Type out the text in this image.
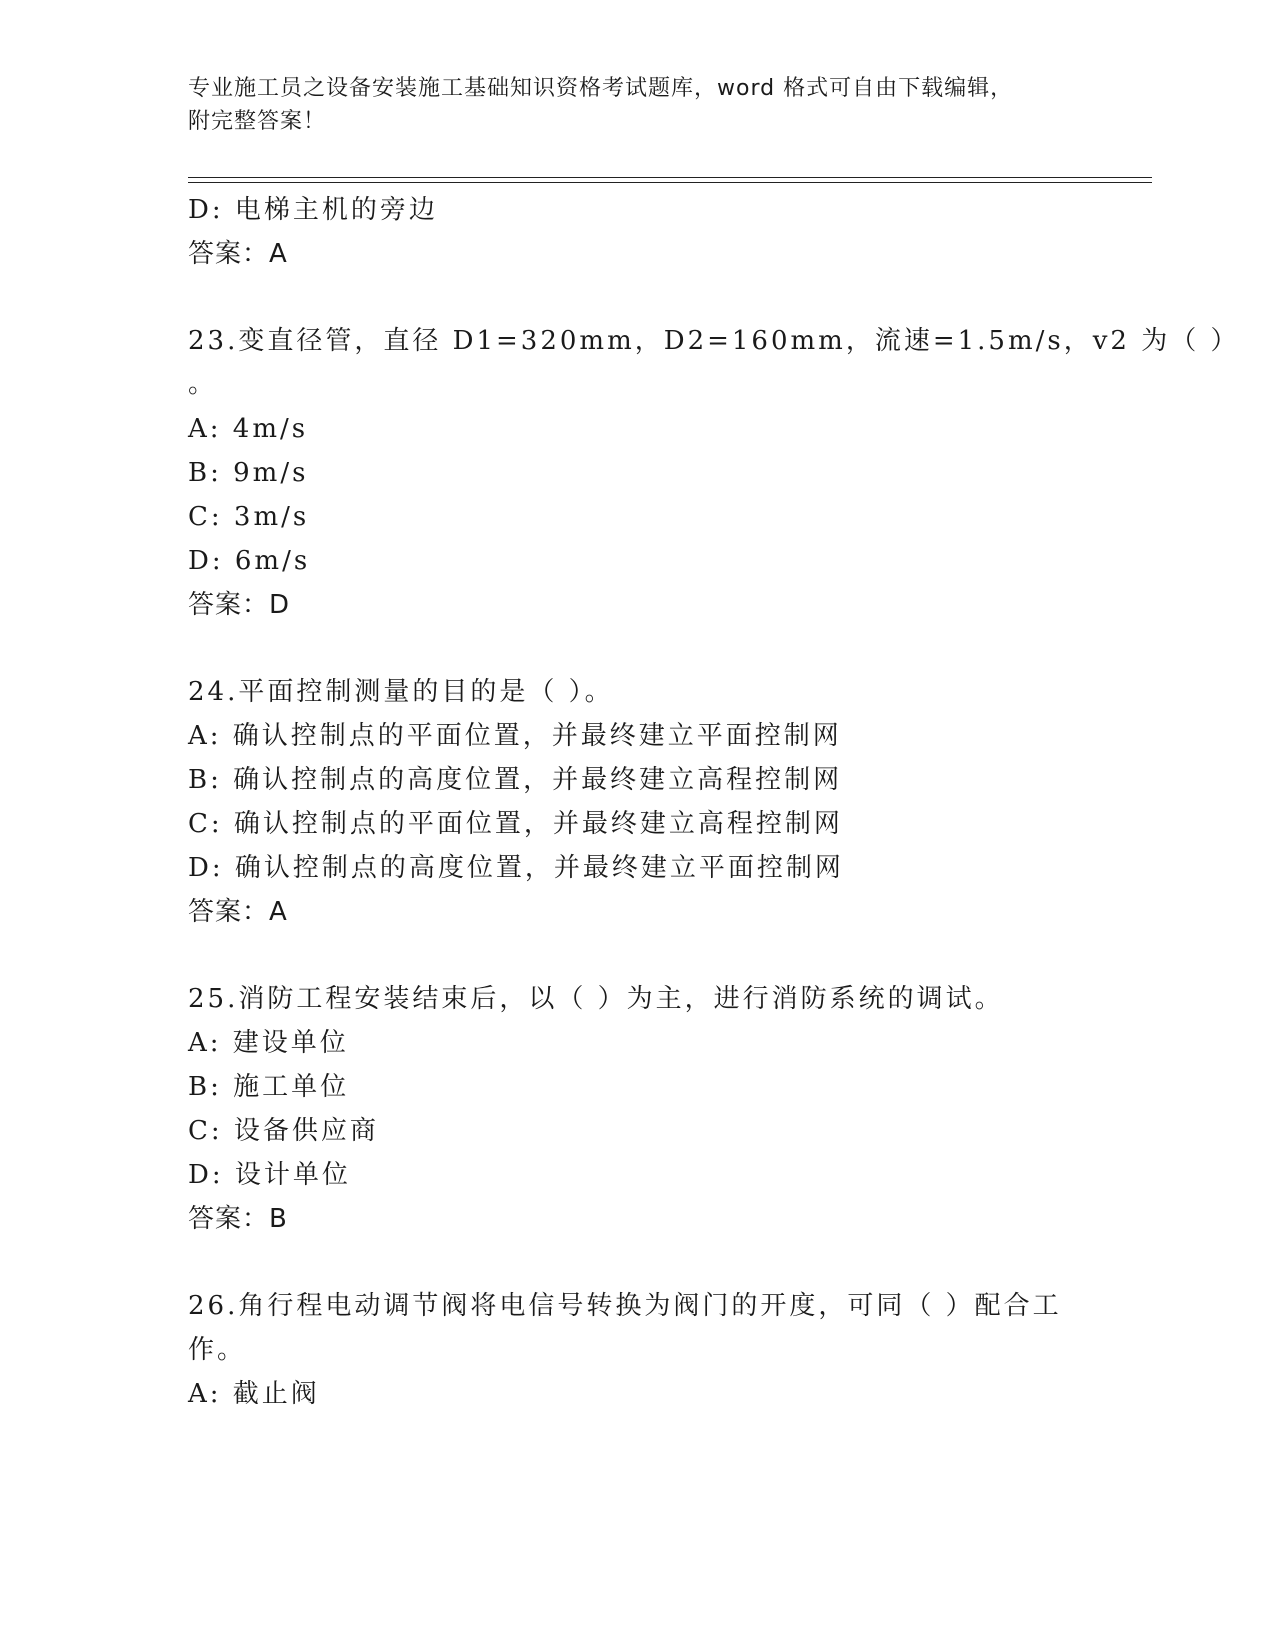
专业施工员之设备安装施工基础知识资格考试题库，word 格式可自由下载编辑，
附完整答案！
D: 电梯主机的旁边
答案：A
23.变直径管，直径 D1=320mm，D2=160mm，流速=1.5m/s，v2 为（ ）
。
A: 4m/s
B: 9m/s
C: 3m/s
D: 6m/s
答案：D
24.平面控制测量的目的是（ ）。
A: 确认控制点的平面位置，并最终建立平面控制网
B: 确认控制点的高度位置，并最终建立高程控制网
C: 确认控制点的平面位置，并最终建立高程控制网
D: 确认控制点的高度位置，并最终建立平面控制网
答案：A
25.消防工程安装结束后，以（ ）为主，进行消防系统的调试。
A: 建设单位
B: 施工单位
C: 设备供应商
D: 设计单位
答案：B
26.角行程电动调节阀将电信号转换为阀门的开度，可同（ ）配合工
作。
A: 截止阀
